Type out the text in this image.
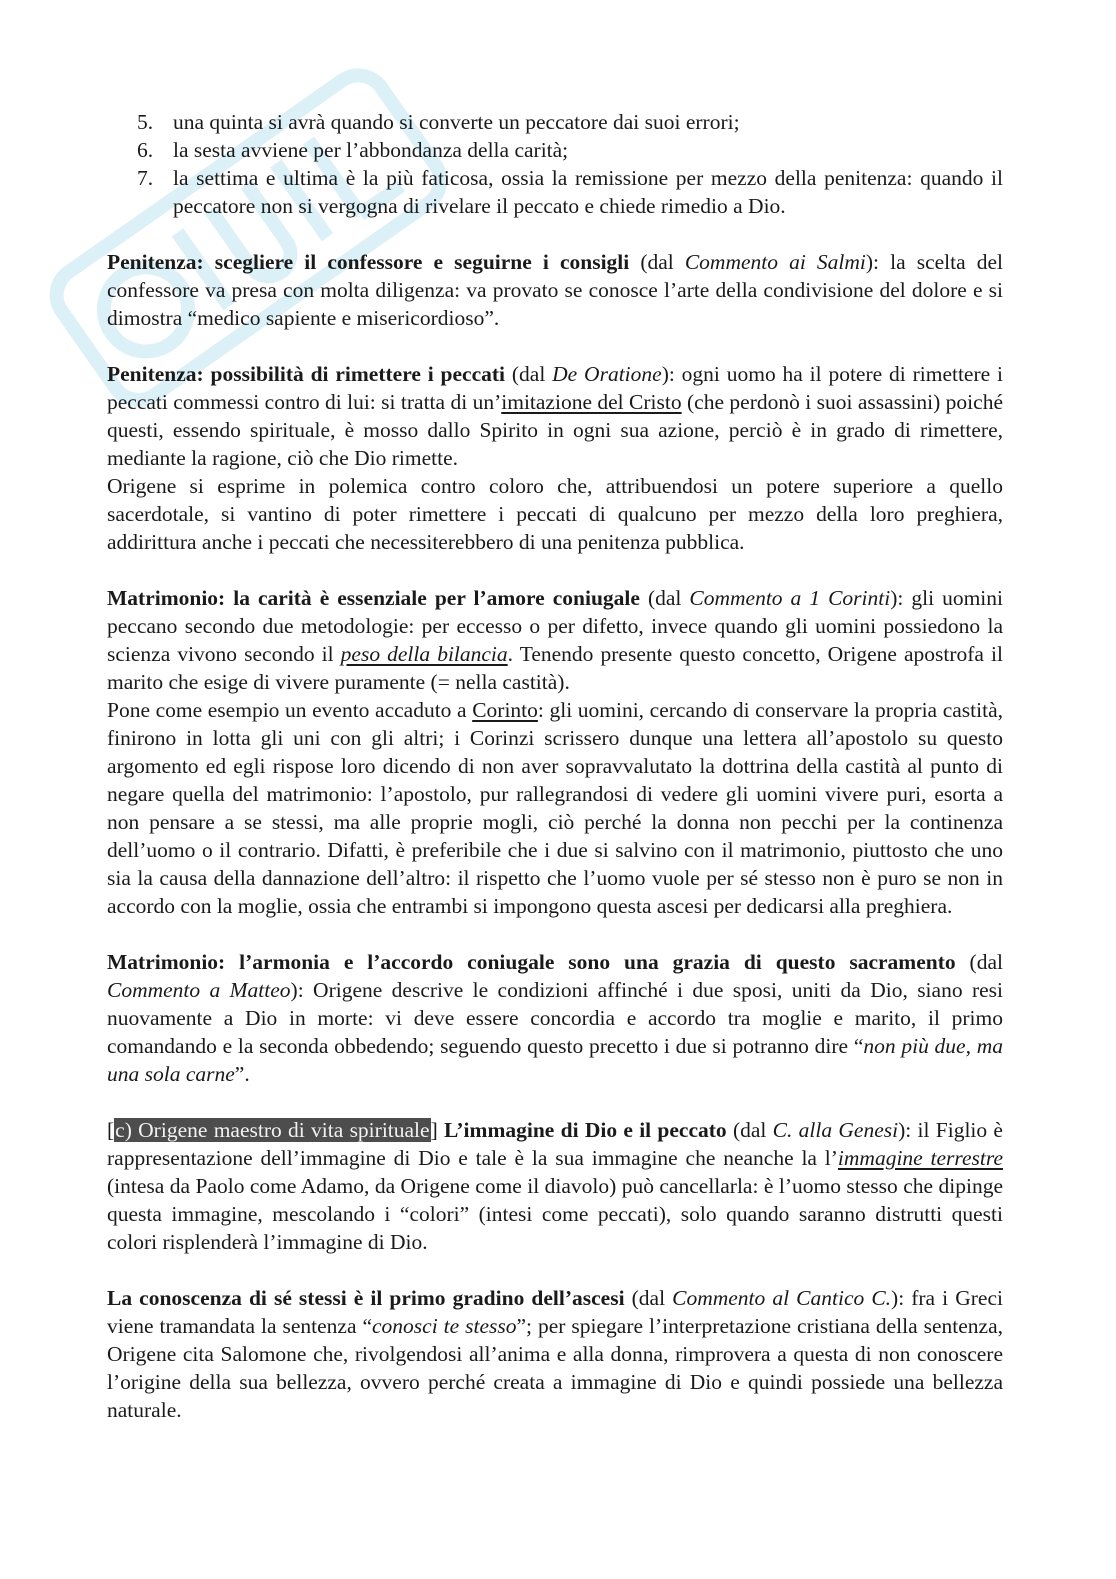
5. una quinta si avrà quando si converte un peccatore dai suoi errori;
6. la sesta avviene per l’abbondanza della carità;
7. la settima e ultima è la più faticosa, ossia la remissione per mezzo della penitenza: quando il peccatore non si vergogna di rivelare il peccato e chiede rimedio a Dio.

Penitenza: scegliere il confessore e seguirne i consigli (dal Commento ai Salmi): la scelta del confessore va presa con molta diligenza: va provato se conosce l’arte della condivisione del dolore e si dimostra “medico sapiente e misericordioso”.

Penitenza: possibilità di rimettere i peccati (dal De Oratione): ogni uomo ha il potere di rimettere i peccati commessi contro di lui: si tratta di un’imitazione del Cristo (che perdonò i suoi assassini) poiché questi, essendo spirituale, è mosso dallo Spirito in ogni sua azione, perciò è in grado di rimettere, mediante la ragione, ciò che Dio rimette.

Origene si esprime in polemica contro coloro che, attribuendosi un potere superiore a quello sacerdotale, si vantino di poter rimettere i peccati di qualcuno per mezzo della loro preghiera, addirittura anche i peccati che necessiterebbero di una penitenza pubblica.

Matrimonio: la carità è essenziale per l’amore coniugale (dal Commento a 1 Corinti): gli uomini peccano secondo due metodologie: per eccesso o per difetto, invece quando gli uomini possiedono la scienza vivono secondo il peso della bilancia. Tenendo presente questo concetto, Origene apostrofa il marito che esige di vivere puramente (= nella castità).

Pone come esempio un evento accaduto a Corinto: gli uomini, cercando di conservare la propria castità, finirono in lotta gli uni con gli altri; i Corinzi scrissero dunque una lettera all’apostolo su questo argomento ed egli rispose loro dicendo di non aver sopravvalutato la dottrina della castità al punto di negare quella del matrimonio: l’apostolo, pur rallegrandosi di vedere gli uomini vivere puri, esorta a non pensare a se stessi, ma alle proprie mogli, ciò perché la donna non pecchi per la continenza dell’uomo o il contrario. Difatti, è preferibile che i due si salvino con il matrimonio, piuttosto che uno sia la causa della dannazione dell’altro: il rispetto che l’uomo vuole per sé stesso non è puro se non in accordo con la moglie, ossia che entrambi si impongono questa ascesi per dedicarsi alla preghiera.

Matrimonio: l’armonia e l’accordo coniugale sono una grazia di questo sacramento (dal Commento a Matteo): Origene descrive le condizioni affinché i due sposi, uniti da Dio, siano resi nuovamente a Dio in morte: vi deve essere concordia e accordo tra moglie e marito, il primo comandando e la seconda obbedendo; seguendo questo precetto i due si potranno dire “non più due, ma una sola carne”.

[c) Origene maestro di vita spirituale] L’immagine di Dio e il peccato (dal C. alla Genesi): il Figlio è rappresentazione dell’immagine di Dio e tale è la sua immagine che neanche la l’immagine terrestre (intesa da Paolo come Adamo, da Origene come il diavolo) può cancellarla: è l’uomo stesso che dipinge questa immagine, mescolando i “colori” (intesi come peccati), solo quando saranno distrutti questi colori risplenderà l’immagine di Dio.

La conoscenza di sé stessi è il primo gradino dell’ascesi (dal Commento al Cantico C.): fra i Greci viene tramandata la sentenza “conosci te stesso”; per spiegare l’interpretazione cristiana della sentenza, Origene cita Salomone che, rivolgendosi all’anima e alla donna, rimprovera a questa di non conoscere l’origine della sua bellezza, ovvero perché creata a immagine di Dio e quindi possiede una bellezza naturale.
